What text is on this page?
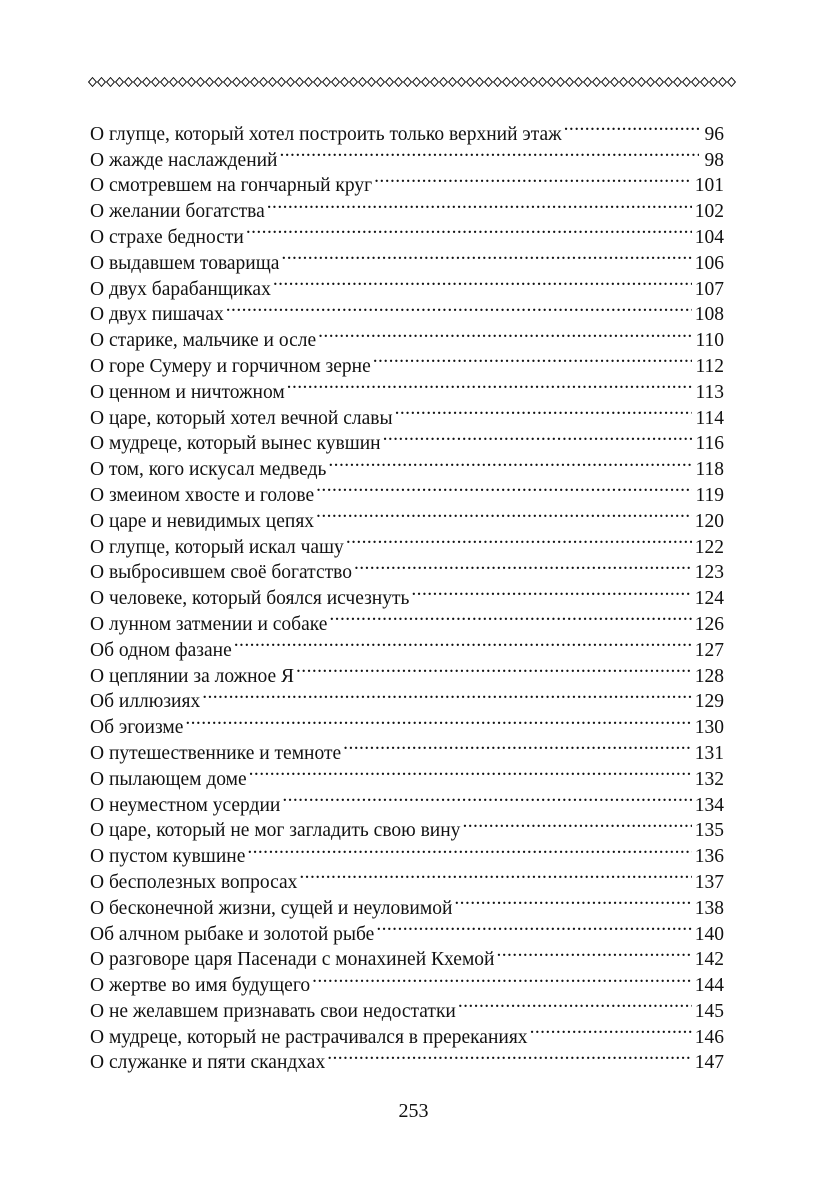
О глупце, который хотел построить только верхний этаж .....	96
О жажде наслаждений .....	98
О смотревшем на гончарный круг .....	101
О желании богатства .....	102
О страхе бедности .....	104
О выдавшем товарища .....	106
О двух барабанщиках .....	107
О двух пишачах .....	108
О старике, мальчике и осле .....	110
О горе Сумеру и горчичном зерне .....	112
О ценном и ничтожном .....	113
О царе, который хотел вечной славы .....	114
О мудреце, который вынес кувшин .....	116
О том, кого искусал медведь .....	118
О змеином хвосте и голове .....	119
О царе и невидимых цепях .....	120
О глупце, который искал чашу .....	122
О выбросившем своё богатство .....	123
О человеке, который боялся исчезнуть .....	124
О лунном затмении и собаке .....	126
Об одном фазане .....	127
О цеплянии за ложное Я .....	128
Об иллюзиях .....	129
Об эгоизме .....	130
О путешественнике и темноте .....	131
О пылающем доме .....	132
О неуместном усердии .....	134
О царе, который не мог загладить свою вину .....	135
О пустом кувшине .....	136
О бесполезных вопросах .....	137
О бесконечной жизни, сущей и неуловимой .....	138
Об алчном рыбаке и золотой рыбе .....	140
О разговоре царя Пасенади с монахиней Кхемой .....	142
О жертве во имя будущего .....	144
О не желавшем признавать свои недостатки .....	145
О мудреце, который не растрачивался в пререканиях .....	146
О служанке и пяти скандхах .....	147
253
